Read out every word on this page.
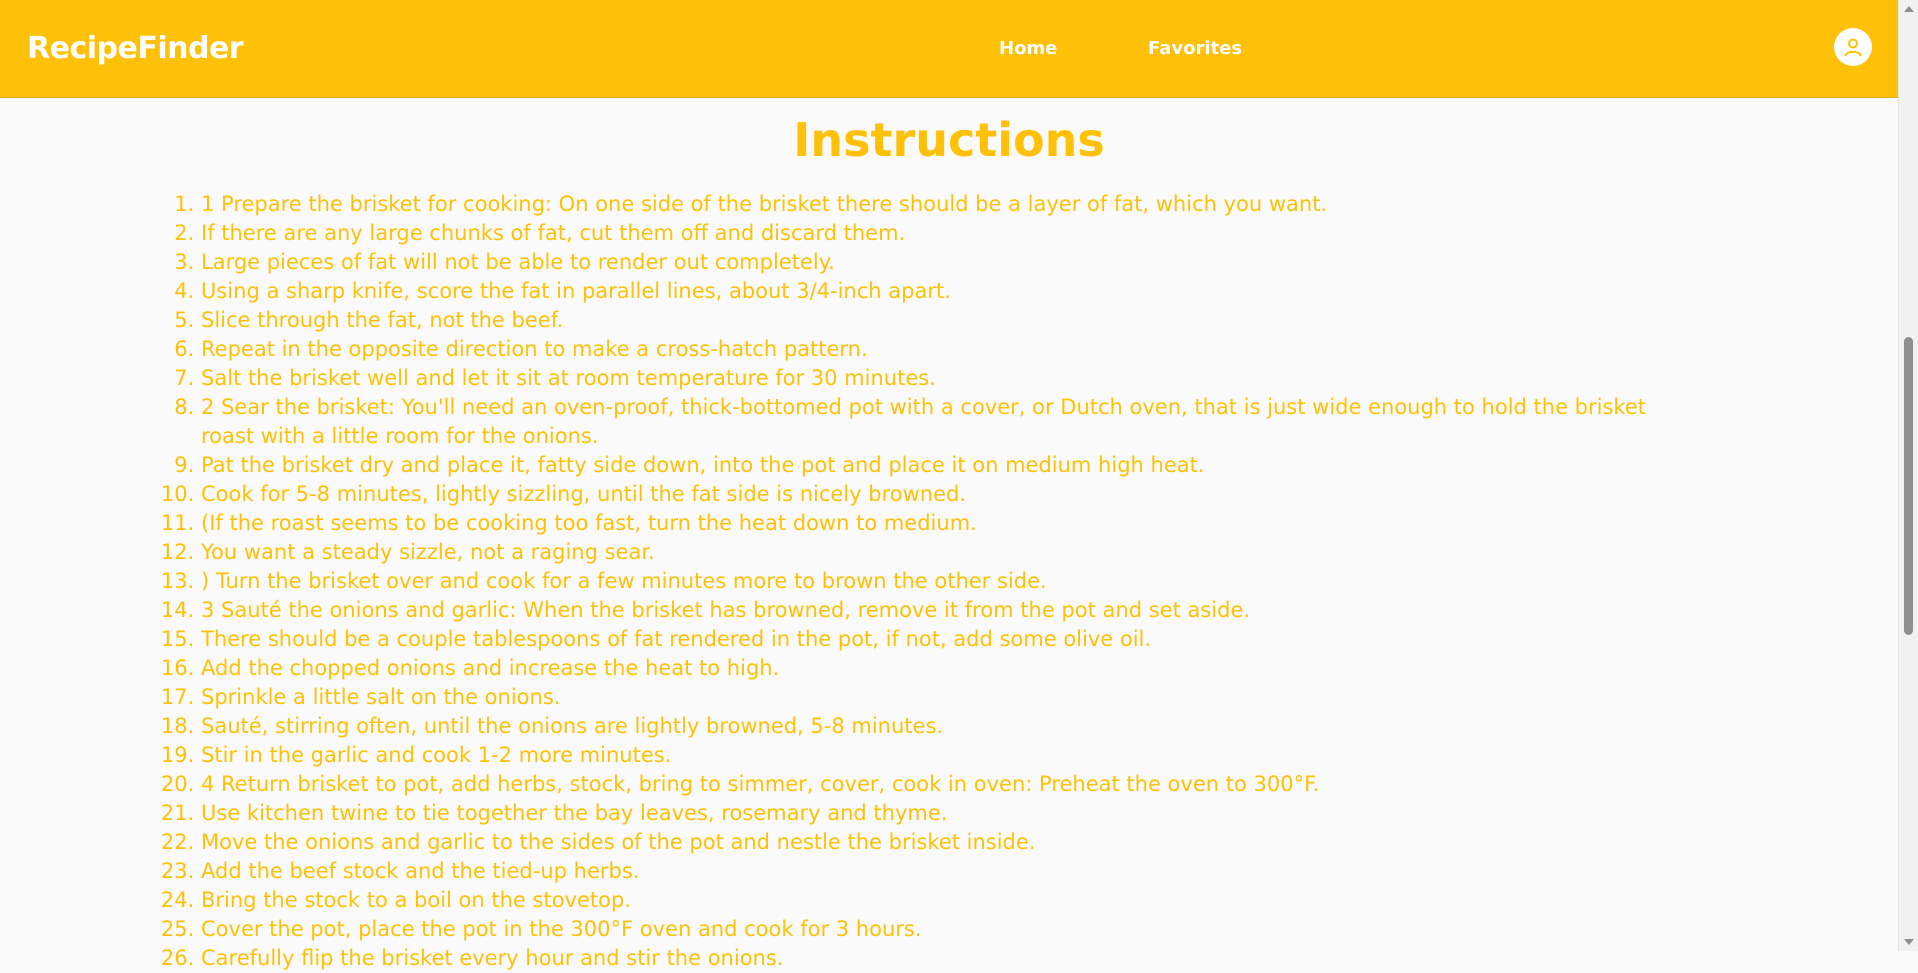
RecipeFinder	Home	Favorites
Instructions
1. 1 Prepare the brisket for cooking: On one side of the brisket there should be a layer of fat, which you want.
2. If there are any large chunks of fat, cut them off and discard them.
3. Large pieces of fat will not be able to render out completely.
4. Using a sharp knife, score the fat in parallel lines, about 3/4-inch apart.
5. Slice through the fat, not the beef.
6. Repeat in the opposite direction to make a cross-hatch pattern.
7. Salt the brisket well and let it sit at room temperature for 30 minutes.
8. 2 Sear the brisket: You'll need an oven-proof, thick-bottomed pot with a cover, or Dutch oven, that is just wide enough to hold the brisket roast with a little room for the onions.
9. Pat the brisket dry and place it, fatty side down, into the pot and place it on medium high heat.
10. Cook for 5-8 minutes, lightly sizzling, until the fat side is nicely browned.
11. (If the roast seems to be cooking too fast, turn the heat down to medium.
12. You want a steady sizzle, not a raging sear.
13. ) Turn the brisket over and cook for a few minutes more to brown the other side.
14. 3 Sauté the onions and garlic: When the brisket has browned, remove it from the pot and set aside.
15. There should be a couple tablespoons of fat rendered in the pot, if not, add some olive oil.
16. Add the chopped onions and increase the heat to high.
17. Sprinkle a little salt on the onions.
18. Sauté, stirring often, until the onions are lightly browned, 5-8 minutes.
19. Stir in the garlic and cook 1-2 more minutes.
20. 4 Return brisket to pot, add herbs, stock, bring to simmer, cover, cook in oven: Preheat the oven to 300°F.
21. Use kitchen twine to tie together the bay leaves, rosemary and thyme.
22. Move the onions and garlic to the sides of the pot and nestle the brisket inside.
23. Add the beef stock and the tied-up herbs.
24. Bring the stock to a boil on the stovetop.
25. Cover the pot, place the pot in the 300°F oven and cook for 3 hours.
26. Carefully flip the brisket every hour and stir the onions.
